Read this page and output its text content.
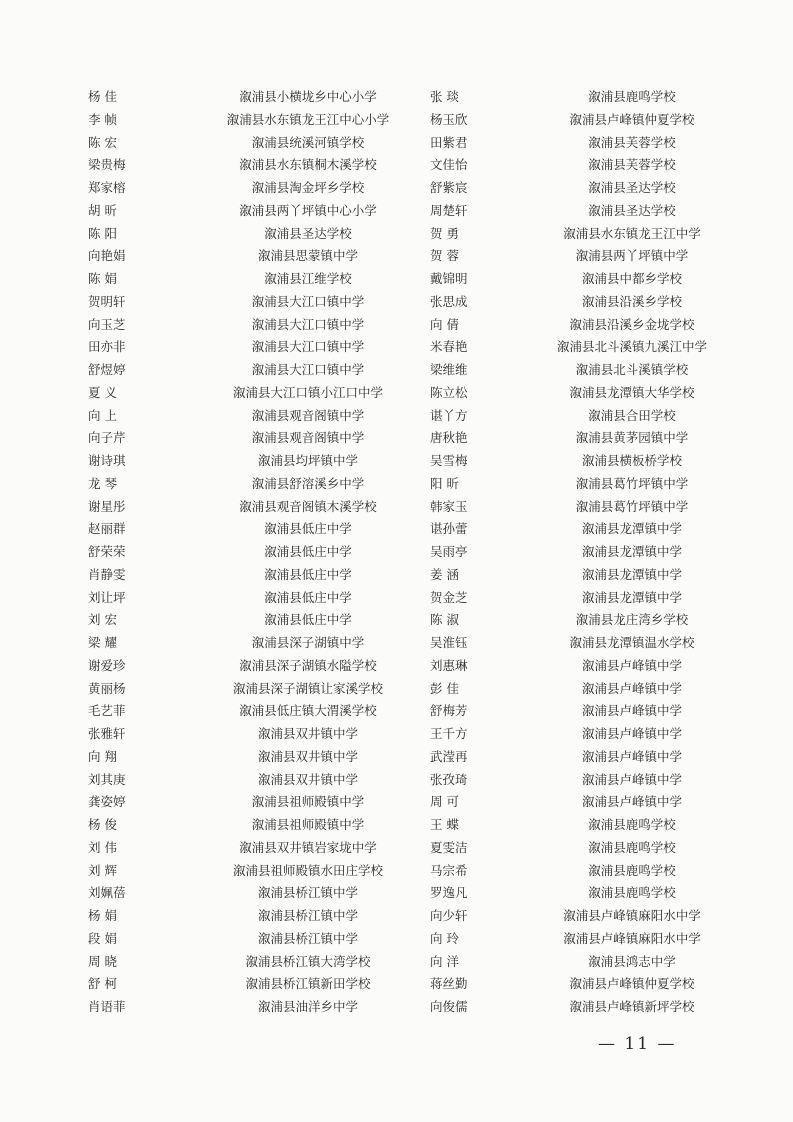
杨 佳	溆浦县小横垅乡中心小学		张 琰	溆浦县鹿鸣学校
李 帧	溆浦县水东镇龙王江中心小学		杨玉欣	溆浦县卢峰镇仲夏学校
陈 宏	溆浦县统溪河镇学校		田紫君	溆浦县芙蓉学校
梁贵梅	溆浦县水东镇桐木溪学校		文佳怡	溆浦县芙蓉学校
郑家榕	溆浦县淘金坪乡学校		舒紫宸	溆浦县圣达学校
胡 昕	溆浦县两丫坪镇中心小学		周楚轩	溆浦县圣达学校
陈 阳	溆浦县圣达学校		贺 勇	溆浦县水东镇龙王江中学
向艳娟	溆浦县思蒙镇中学		贺 蓉	溆浦县两丫坪镇中学
陈 娟	溆浦县江维学校		戴锦明	溆浦县中都乡学校
贺明轩	溆浦县大江口镇中学		张思成	溆浦县沿溪乡学校
向玉芝	溆浦县大江口镇中学		向 倩	溆浦县沿溪乡金垅学校
田亦非	溆浦县大江口镇中学		米春艳	溆浦县北斗溪镇九溪江中学
舒煜婷	溆浦县大江口镇中学		梁维维	溆浦县北斗溪镇学校
夏 义	溆浦县大江口镇小江口中学		陈立松	溆浦县龙潭镇大华学校
向 上	溆浦县观音阁镇中学		谌丫方	溆浦县合田学校
向子芹	溆浦县观音阁镇中学		唐秋艳	溆浦县黄茅园镇中学
谢诗琪	溆浦县均坪镇中学		吴雪梅	溆浦县横板桥学校
龙 琴	溆浦县舒溶溪乡中学		阳 昕	溆浦县葛竹坪镇中学
谢星彤	溆浦县观音阁镇木溪学校		韩家玉	溆浦县葛竹坪镇中学
赵丽群	溆浦县低庄中学		谌孙蕾	溆浦县龙潭镇中学
舒荣荣	溆浦县低庄中学		吴雨亭	溆浦县龙潭镇中学
肖静雯	溆浦县低庄中学		姜 涵	溆浦县龙潭镇中学
刘让坪	溆浦县低庄中学		贺金芝	溆浦县龙潭镇中学
刘 宏	溆浦县低庄中学		陈 淑	溆浦县龙庄湾乡学校
梁 耀	溆浦县深子湖镇中学		吴淮钰	溆浦县龙潭镇温水学校
谢爱珍	溆浦县深子湖镇水隘学校		刘惠琳	溆浦县卢峰镇中学
黄丽杨	溆浦县深子湖镇让家溪学校		彭 佳	溆浦县卢峰镇中学
毛艺菲	溆浦县低庄镇大渭溪学校		舒梅芳	溆浦县卢峰镇中学
张雅轩	溆浦县双井镇中学		王千方	溆浦县卢峰镇中学
向 翔	溆浦县双井镇中学		武滢再	溆浦县卢峰镇中学
刘其庚	溆浦县双井镇中学		张孜琦	溆浦县卢峰镇中学
龚姿婷	溆浦县祖师殿镇中学		周 可	溆浦县卢峰镇中学
杨 俊	溆浦县祖师殿镇中学		王 蝶	溆浦县鹿鸣学校
刘 伟	溆浦县双井镇岩家垅中学		夏雯洁	溆浦县鹿鸣学校
刘 辉	溆浦县祖师殿镇水田庄学校		马宗希	溆浦县鹿鸣学校
刘姵蓓	溆浦县桥江镇中学		罗逸凡	溆浦县鹿鸣学校
杨 娟	溆浦县桥江镇中学		向少轩	溆浦县卢峰镇麻阳水中学
段 娟	溆浦县桥江镇中学		向 玲	溆浦县卢峰镇麻阳水中学
周 晓	溆浦县桥江镇大湾学校		向 洋	溆浦县鸿志中学
舒 柯	溆浦县桥江镇新田学校		蒋丝勤	溆浦县卢峰镇仲夏学校
肖语菲	溆浦县油洋乡中学		向俊儒	溆浦县卢峰镇新坪学校
— 11 —
